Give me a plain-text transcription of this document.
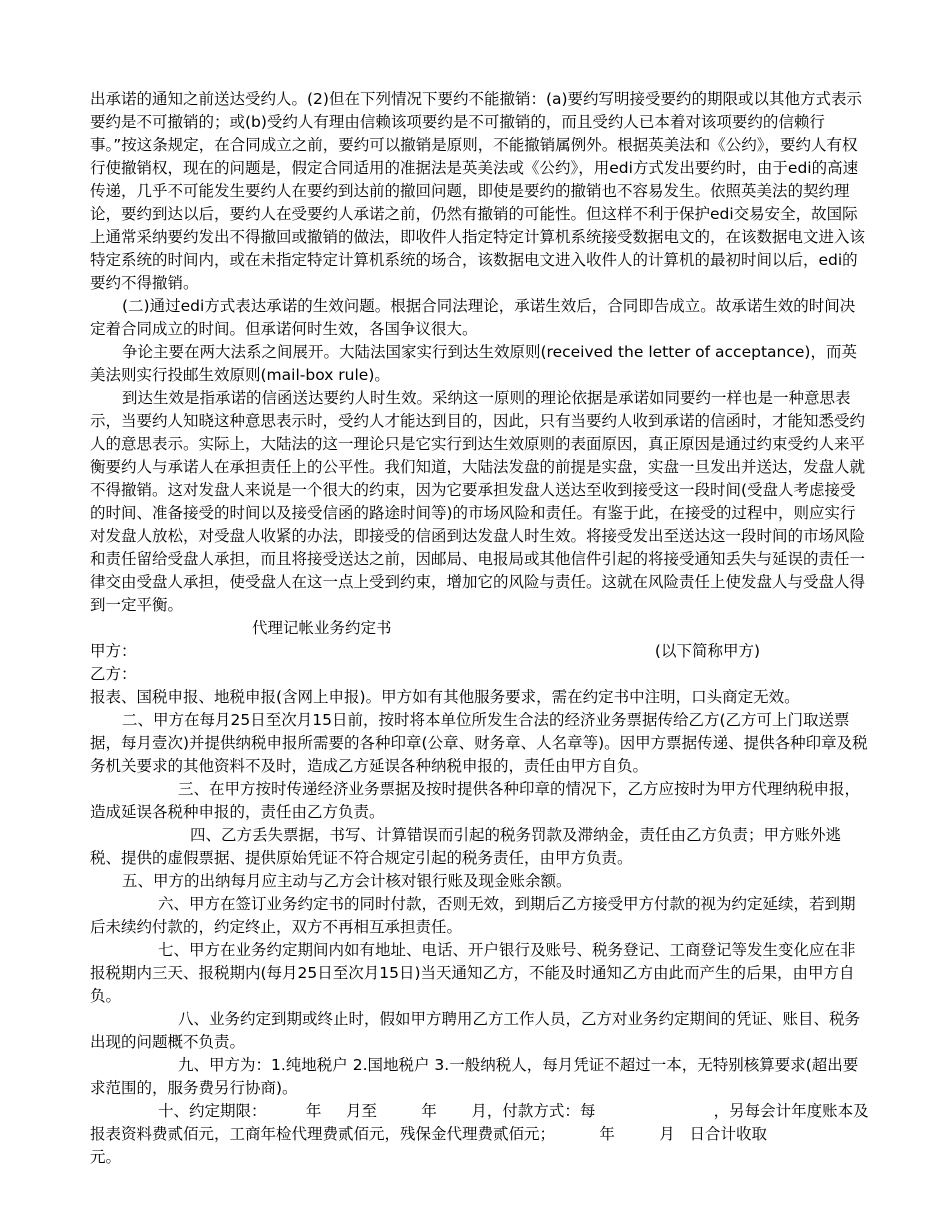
出承诺的通知之前送达受约人。(2)但在下列情况下要约不能撤销：(a)要约写明接受要约的期限或以其他方式表示要约是不可撤销的；或(b)受约人有理由信赖该项要约是不可撤销的，而且受约人已本着对该项要约的信赖行事。”按这条规定，在合同成立之前，要约可以撤销是原则，不能撤销属例外。根据英美法和《公约》，要约人有权行使撤销权，现在的问题是，假定合同适用的准据法是英美法或《公约》，用edi方式发出要约时，由于edi的高速传递，几乎不可能发生要约人在要约到达前的撤回问题，即使是要约的撤销也不容易发生。依照英美法的契约理论，要约到达以后，要约人在受要约人承诺之前，仍然有撤销的可能性。但这样不利于保护edi交易安全，故国际上通常采纳要约发出不得撤回或撤销的做法，即收件人指定特定计算机系统接受数据电文的，在该数据电文进入该特定系统的时间内，或在未指定特定计算机系统的场合，该数据电文进入收件人的计算机的最初时间以后，edi的要约不得撤销。

(二)通过edi方式表达承诺的生效问题。根据合同法理论，承诺生效后，合同即告成立。故承诺生效的时间决定着合同成立的时间。但承诺何时生效，各国争议很大。

争论主要在两大法系之间展开。大陆法国家实行到达生效原则(received the letter of acceptance)，而英美法则实行投邮生效原则(mail-box rule)。

到达生效是指承诺的信函送达要约人时生效。采纳这一原则的理论依据是承诺如同要约一样也是一种意思表示，当要约人知晓这种意思表示时，受约人才能达到目的，因此，只有当要约人收到承诺的信函时，才能知悉受约人的意思表示。实际上，大陆法的这一理论只是它实行到达生效原则的表面原因，真正原因是通过约束受约人来平衡要约人与承诺人在承担责任上的公平性。我们知道，大陆法发盘的前提是实盘，实盘一旦发出并送达，发盘人就不得撤销。这对发盘人来说是一个很大的约束，因为它要承担发盘人送达至收到接受这一段时间(受盘人考虑接受的时间、准备接受的时间以及接受信函的路途时间等)的市场风险和责任。有鉴于此，在接受的过程中，则应实行对发盘人放松，对受盘人收紧的办法，即接受的信函到达发盘人时生效。将接受发出至送达这一段时间的市场风险和责任留给受盘人承担，而且将接受送达之前，因邮局、电报局或其他信件引起的将接受通知丢失与延误的责任一律交由受盘人承担，使受盘人在这一点上受到约束，增加它的风险与责任。这就在风险责任上使发盘人与受盘人得到一定平衡。

代理记帐业务约定书

甲方：	(以下简称甲方)

乙方：

报表、国税申报、地税申报(含网上申报)。甲方如有其他服务要求，需在约定书中注明，口头商定无效。

二、甲方在每月25日至次月15日前，按时将本单位所发生合法的经济业务票据传给乙方(乙方可上门取送票据，每月壹次)并提供纳税申报所需要的各种印章(公章、财务章、人名章等)。因甲方票据传递、提供各种印章及税务机关要求的其他资料不及时，造成乙方延误各种纳税申报的，责任由甲方自负。

三、在甲方按时传递经济业务票据及按时提供各种印章的情况下，乙方应按时为甲方代理纳税申报，造成延误各税种申报的，责任由乙方负责。

四、乙方丢失票据，书写、计算错误而引起的税务罚款及滞纳金，责任由乙方负责；甲方账外逃税、提供的虚假票据、提供原始凭证不符合规定引起的税务责任，由甲方负责。

五、甲方的出纳每月应主动与乙方会计核对银行账及现金账余额。

六、甲方在签订业务约定书的同时付款，否则无效，到期后乙方接受甲方付款的视为约定延续，若到期后未续约付款的，约定终止，双方不再相互承担责任。

七、甲方在业务约定期间内如有地址、电话、开户银行及账号、税务登记、工商登记等发生变化应在非报税期内三天、报税期内(每月25日至次月15日)当天通知乙方，不能及时通知乙方由此而产生的后果，由甲方自负。

八、业务约定到期或终止时，假如甲方聘用乙方工作人员，乙方对业务约定期间的凭证、账目、税务出现的问题概不负责。

九、甲方为：1.纯地税户 2.国地税户 3.一般纳税人，每月凭证不超过一本，无特别核算要求(超出要求范围的，服务费另行协商)。

十、约定期限：        年     月至         年       月，付款方式：每                        ，另每会计年度账本及报表资料费贰佰元，工商年检代理费贰佰元，残保金代理费贰佰元；         年         月   日合计收取                元。
